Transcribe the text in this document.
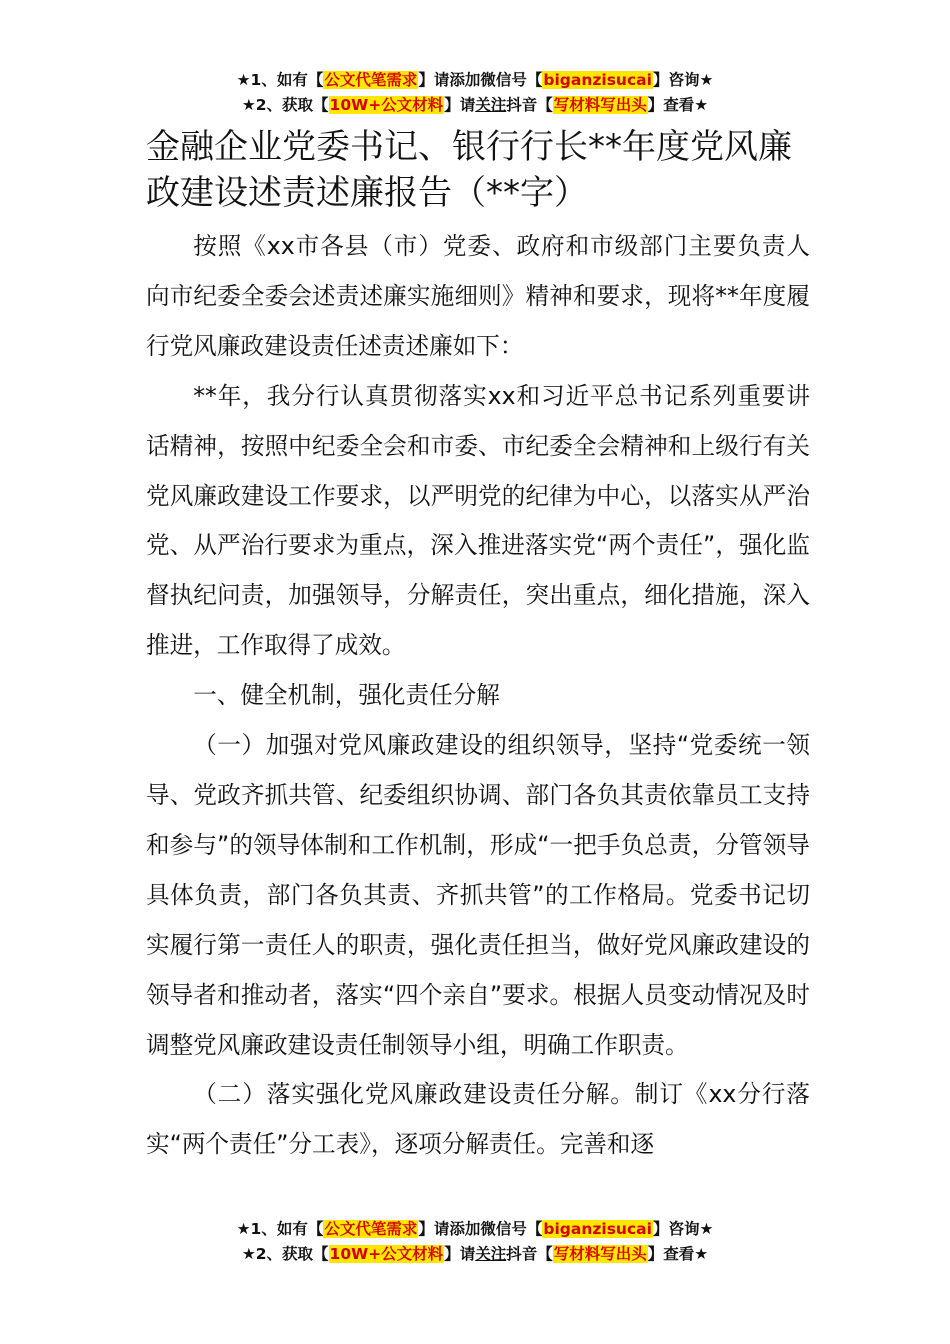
★1、如有【公文代笔需求】请添加微信号【biganzisucai】咨询★
★2、获取【10W+公文材料】请关注抖音【写材料写出头】查看★
金融企业党委书记、银行行长**年度党风廉政建设述责述廉报告（**字）

按照《xx市各县（市）党委、政府和市级部门主要负责人向市纪委全委会述责述廉实施细则》精神和要求，现将**年度履行党风廉政建设责任述责述廉如下：

**年，我分行认真贯彻落实xx和习近平总书记系列重要讲话精神，按照中纪委全会和市委、市纪委全会精神和上级行有关党风廉政建设工作要求，以严明党的纪律为中心，以落实从严治党、从严治行要求为重点，深入推进落实党“两个责任”，强化监督执纪问责，加强领导，分解责任，突出重点，细化措施，深入推进，工作取得了成效。

一、健全机制，强化责任分解

（一）加强对党风廉政建设的组织领导，坚持“党委统一领导、党政齐抓共管、纪委组织协调、部门各负其责依靠员工支持和参与”的领导体制和工作机制，形成“一把手负总责，分管领导具体负责，部门各负其责、齐抓共管”的工作格局。党委书记切实履行第一责任人的职责，强化责任担当，做好党风廉政建设的领导者和推动者，落实“四个亲自”要求。根据人员变动情况及时调整党风廉政建设责任制领导小组，明确工作职责。

（二）落实强化党风廉政建设责任分解。制订《xx分行落实“两个责任”分工表》，逐项分解责任。完善和逐

★1、如有【公文代笔需求】请添加微信号【biganzisucai】咨询★
★2、获取【10W+公文材料】请关注抖音【写材料写出头】查看★
